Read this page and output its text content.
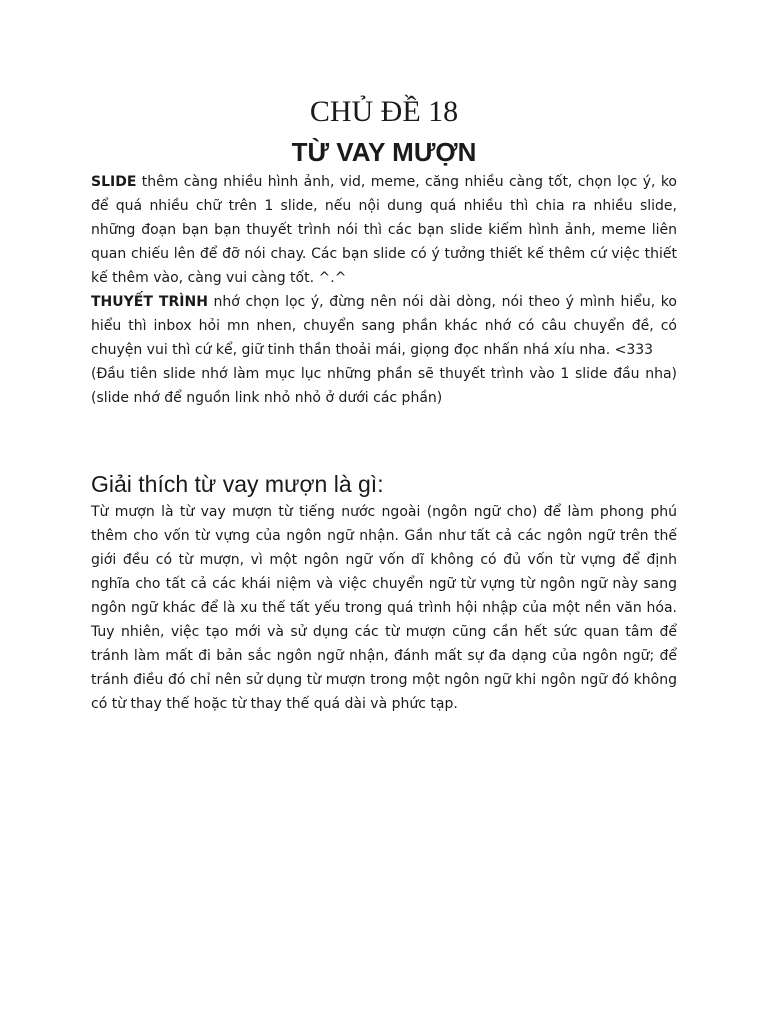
CHỦ ĐỀ 18
TỪ VAY MƯỢN

SLIDE thêm càng nhiều hình ảnh, vid, meme, căng nhiều càng tốt, chọn lọc ý, ko để quá nhiều chữ trên 1 slide, nếu nội dung quá nhiều thì chia ra nhiều slide, những đoạn bạn bạn thuyết trình nói thì các bạn slide kiếm hình ảnh, meme liên quan chiếu lên để đỡ nói chay. Các bạn slide có ý tưởng thiết kế thêm cứ việc thiết kế thêm vào, càng vui càng tốt. ^.^

THUYẾT TRÌNH nhớ chọn lọc ý, đừng nên nói dài dòng, nói theo ý mình hiểu, ko hiểu thì inbox hỏi mn nhen, chuyển sang phần khác nhớ có câu chuyển đề, có chuyện vui thì cứ kể, giữ tinh thần thoải mái, giọng đọc nhấn nhá xíu nha. <333

(Đầu tiên slide nhớ làm mục lục những phần sẽ thuyết trình vào 1 slide đầu nha) (slide nhớ để nguồn link nhỏ nhỏ ở dưới các phần)

Giải thích từ vay mượn là gì:

Từ mượn là từ vay mượn từ tiếng nước ngoài (ngôn ngữ cho) để làm phong phú thêm cho vốn từ vựng của ngôn ngữ nhận. Gần như tất cả các ngôn ngữ trên thế giới đều có từ mượn, vì một ngôn ngữ vốn dĩ không có đủ vốn từ vựng để định nghĩa cho tất cả các khái niệm và việc chuyển ngữ từ vựng từ ngôn ngữ này sang ngôn ngữ khác để là xu thế tất yếu trong quá trình hội nhập của một nền văn hóa. Tuy nhiên, việc tạo mới và sử dụng các từ mượn cũng cần hết sức quan tâm để tránh làm mất đi bản sắc ngôn ngữ nhận, đánh mất sự đa dạng của ngôn ngữ; để tránh điều đó chỉ nên sử dụng từ mượn trong một ngôn ngữ khi ngôn ngữ đó không có từ thay thế hoặc từ thay thế quá dài và phức tạp.
